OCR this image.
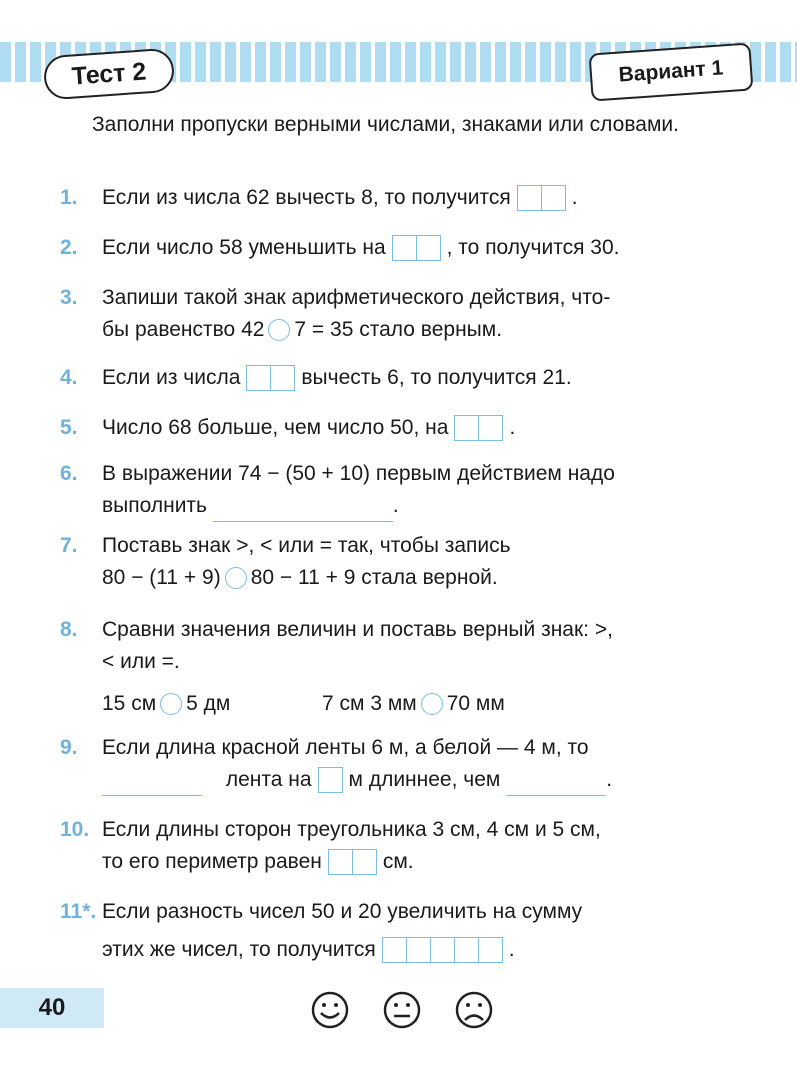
Тест 2	Вариант 1
Заполни пропуски верными числами, знаками или словами.
1. Если из числа 62 вычесть 8, то получится	.
2. Если число 58 уменьшить на	, то получится 30.
3. Запиши такой знак арифметического действия, что-
бы равенство 42 7 = 35 стало верным.
4. Если из числа	вычесть 6, то получится 21.
5. Число 68 больше, чем число 50, на	.
6. В выражении 74 − (50 + 10) первым действием надо
выполнить	.
7. Поставь знак >, < или = так, чтобы запись
80 − (11 + 9) 80 − 11 + 9 стала верной.
8. Сравни значения величин и поставь верный знак: >,
< или =.
15 см 5 дм	7 см 3 мм 70 мм
9. Если длина красной ленты 6 м, а белой — 4 м, то
лента на м длиннее, чем	.
10. Если длины сторон треугольника 3 см, 4 см и 5 см,
то его периметр равен	см.
11*. Если разность чисел 50 и 20 увеличить на сумму
этих же чисел, то получится	.
40
